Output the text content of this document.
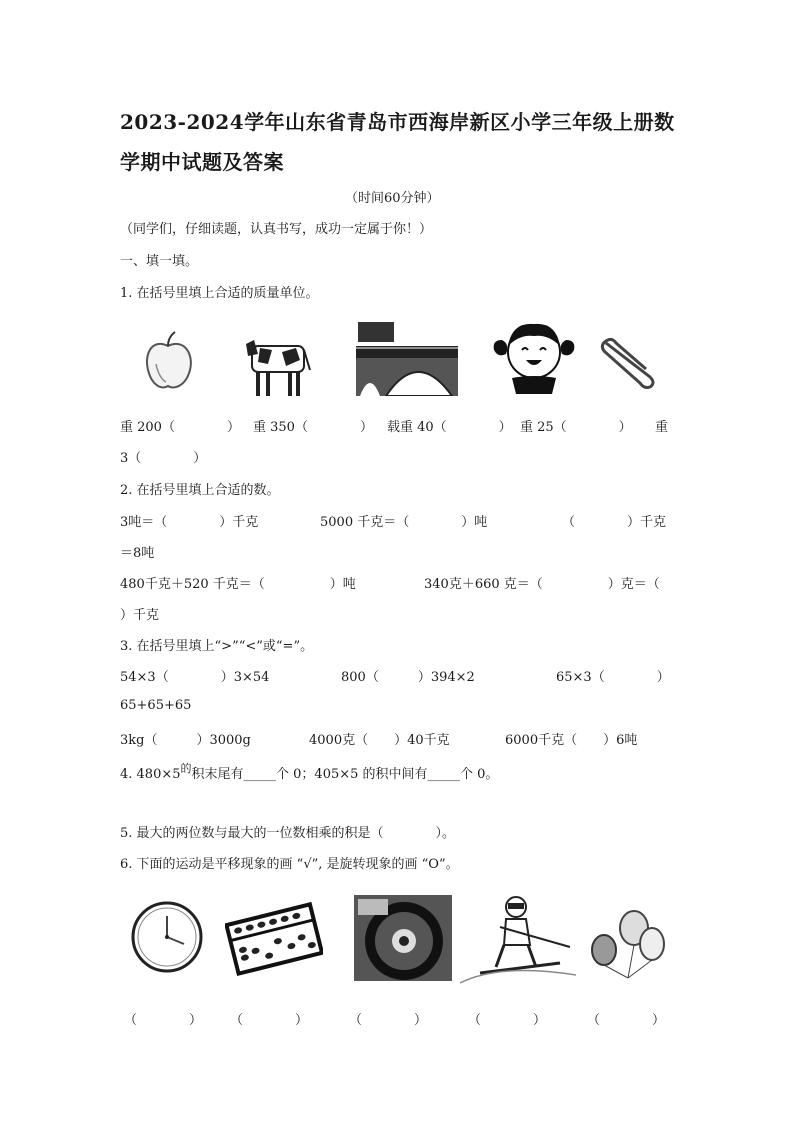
2023-2024学年山东省青岛市西海岸新区小学三年级上册数
学期中试题及答案
（时间60分钟）
（同学们，仔细读题，认真书写，成功一定属于你！）
一、填一填。
1. 在括号里填上合适的质量单位。
重 200（　　　　） 重 350（　　　　） 载重 40（　　　　） 重 25（　　　　） 重
3（　　　　）
2. 在括号里填上合适的数。
3吨＝（　　　　）千克	5000 千克＝（　　　　）吨	（　　　　）千克
＝8吨
480千克＋520 千克＝（　　　　　）吨	340克＋660 克＝（　　　　　）克＝（
）千克
3. 在括号里填上“>”“<”或“=”。
54×3（　　　　）3×54	800（　　　）394×2	65×3（　　　　）
65+65+65
3kg（　　　）3000g	4000克（　　）40千克	6000千克（　　）6吨
4. $480\times 5^的$积末尾有_____个 0；405×5 的积中间有_____个 0。
5. 最大的两位数与最大的一位数相乘的积是（　　　　）。
6. 下面的运动是平移现象的画 “√”, 是旋转现象的画 “O”。
（　　　　） （　　　　）	（　　　　）	（　　　　）	（　　　　）
